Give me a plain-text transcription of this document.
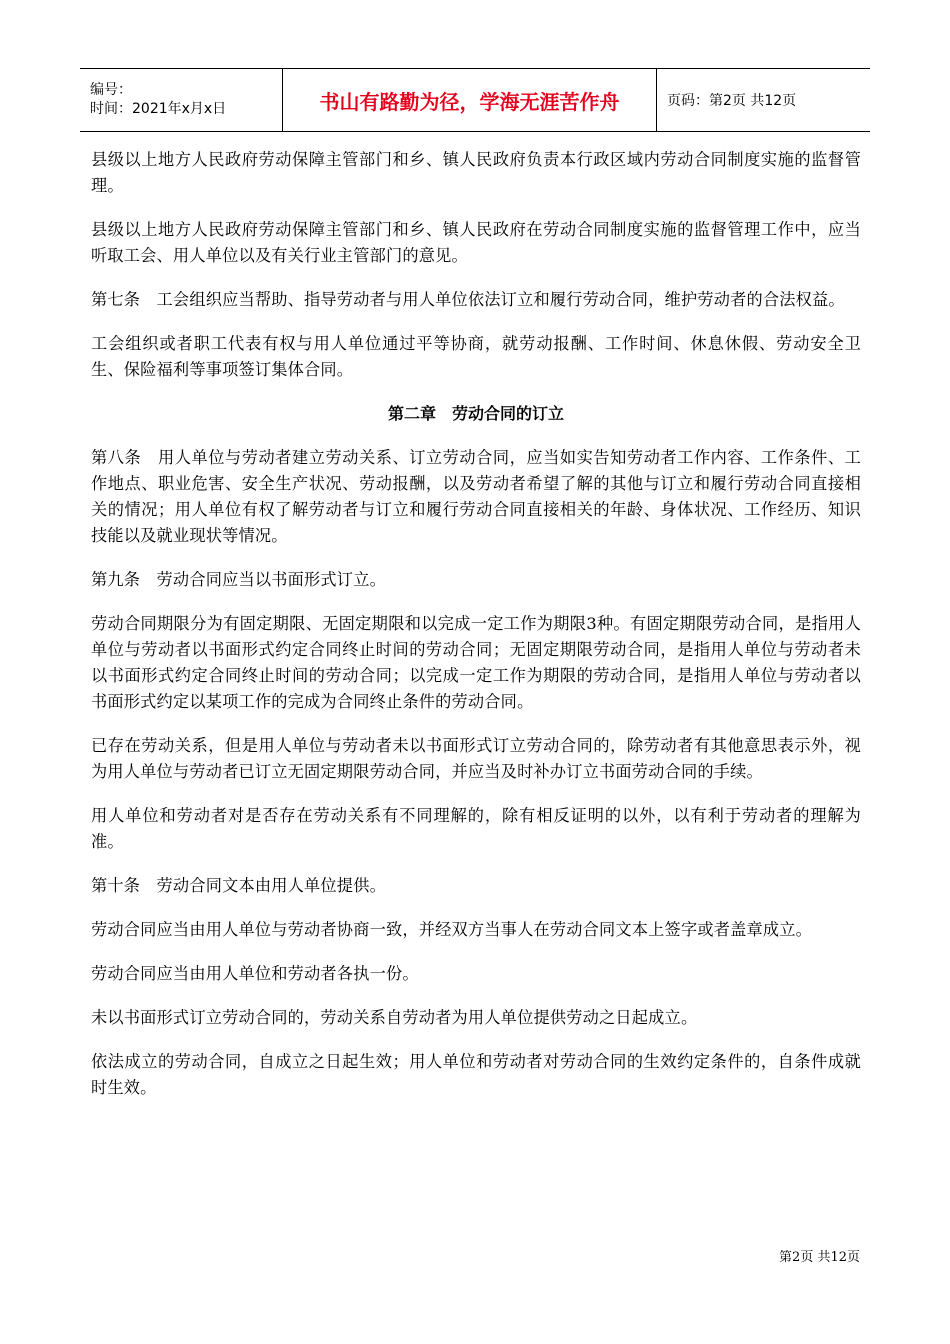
编号：
时间：2021年x月x日	书山有路勤为径，学海无涯苦作舟	页码：第2页 共12页

县级以上地方人民政府劳动保障主管部门和乡、镇人民政府负责本行政区域内劳动合同制度实施的监督管理。

县级以上地方人民政府劳动保障主管部门和乡、镇人民政府在劳动合同制度实施的监督管理工作中，应当听取工会、用人单位以及有关行业主管部门的意见。

第七条　工会组织应当帮助、指导劳动者与用人单位依法订立和履行劳动合同，维护劳动者的合法权益。

工会组织或者职工代表有权与用人单位通过平等协商，就劳动报酬、工作时间、休息休假、劳动安全卫生、保险福利等事项签订集体合同。

第二章　劳动合同的订立

第八条　用人单位与劳动者建立劳动关系、订立劳动合同，应当如实告知劳动者工作内容、工作条件、工作地点、职业危害、安全生产状况、劳动报酬，以及劳动者希望了解的其他与订立和履行劳动合同直接相关的情况；用人单位有权了解劳动者与订立和履行劳动合同直接相关的年龄、身体状况、工作经历、知识技能以及就业现状等情况。

第九条　劳动合同应当以书面形式订立。

劳动合同期限分为有固定期限、无固定期限和以完成一定工作为期限3种。有固定期限劳动合同，是指用人单位与劳动者以书面形式约定合同终止时间的劳动合同；无固定期限劳动合同，是指用人单位与劳动者未以书面形式约定合同终止时间的劳动合同；以完成一定工作为期限的劳动合同，是指用人单位与劳动者以书面形式约定以某项工作的完成为合同终止条件的劳动合同。

已存在劳动关系，但是用人单位与劳动者未以书面形式订立劳动合同的，除劳动者有其他意思表示外，视为用人单位与劳动者已订立无固定期限劳动合同，并应当及时补办订立书面劳动合同的手续。

用人单位和劳动者对是否存在劳动关系有不同理解的，除有相反证明的以外，以有利于劳动者的理解为准。

第十条　劳动合同文本由用人单位提供。

劳动合同应当由用人单位与劳动者协商一致，并经双方当事人在劳动合同文本上签字或者盖章成立。

劳动合同应当由用人单位和劳动者各执一份。

未以书面形式订立劳动合同的，劳动关系自劳动者为用人单位提供劳动之日起成立。

依法成立的劳动合同，自成立之日起生效；用人单位和劳动者对劳动合同的生效约定条件的，自条件成就时生效。

第2页 共12页
